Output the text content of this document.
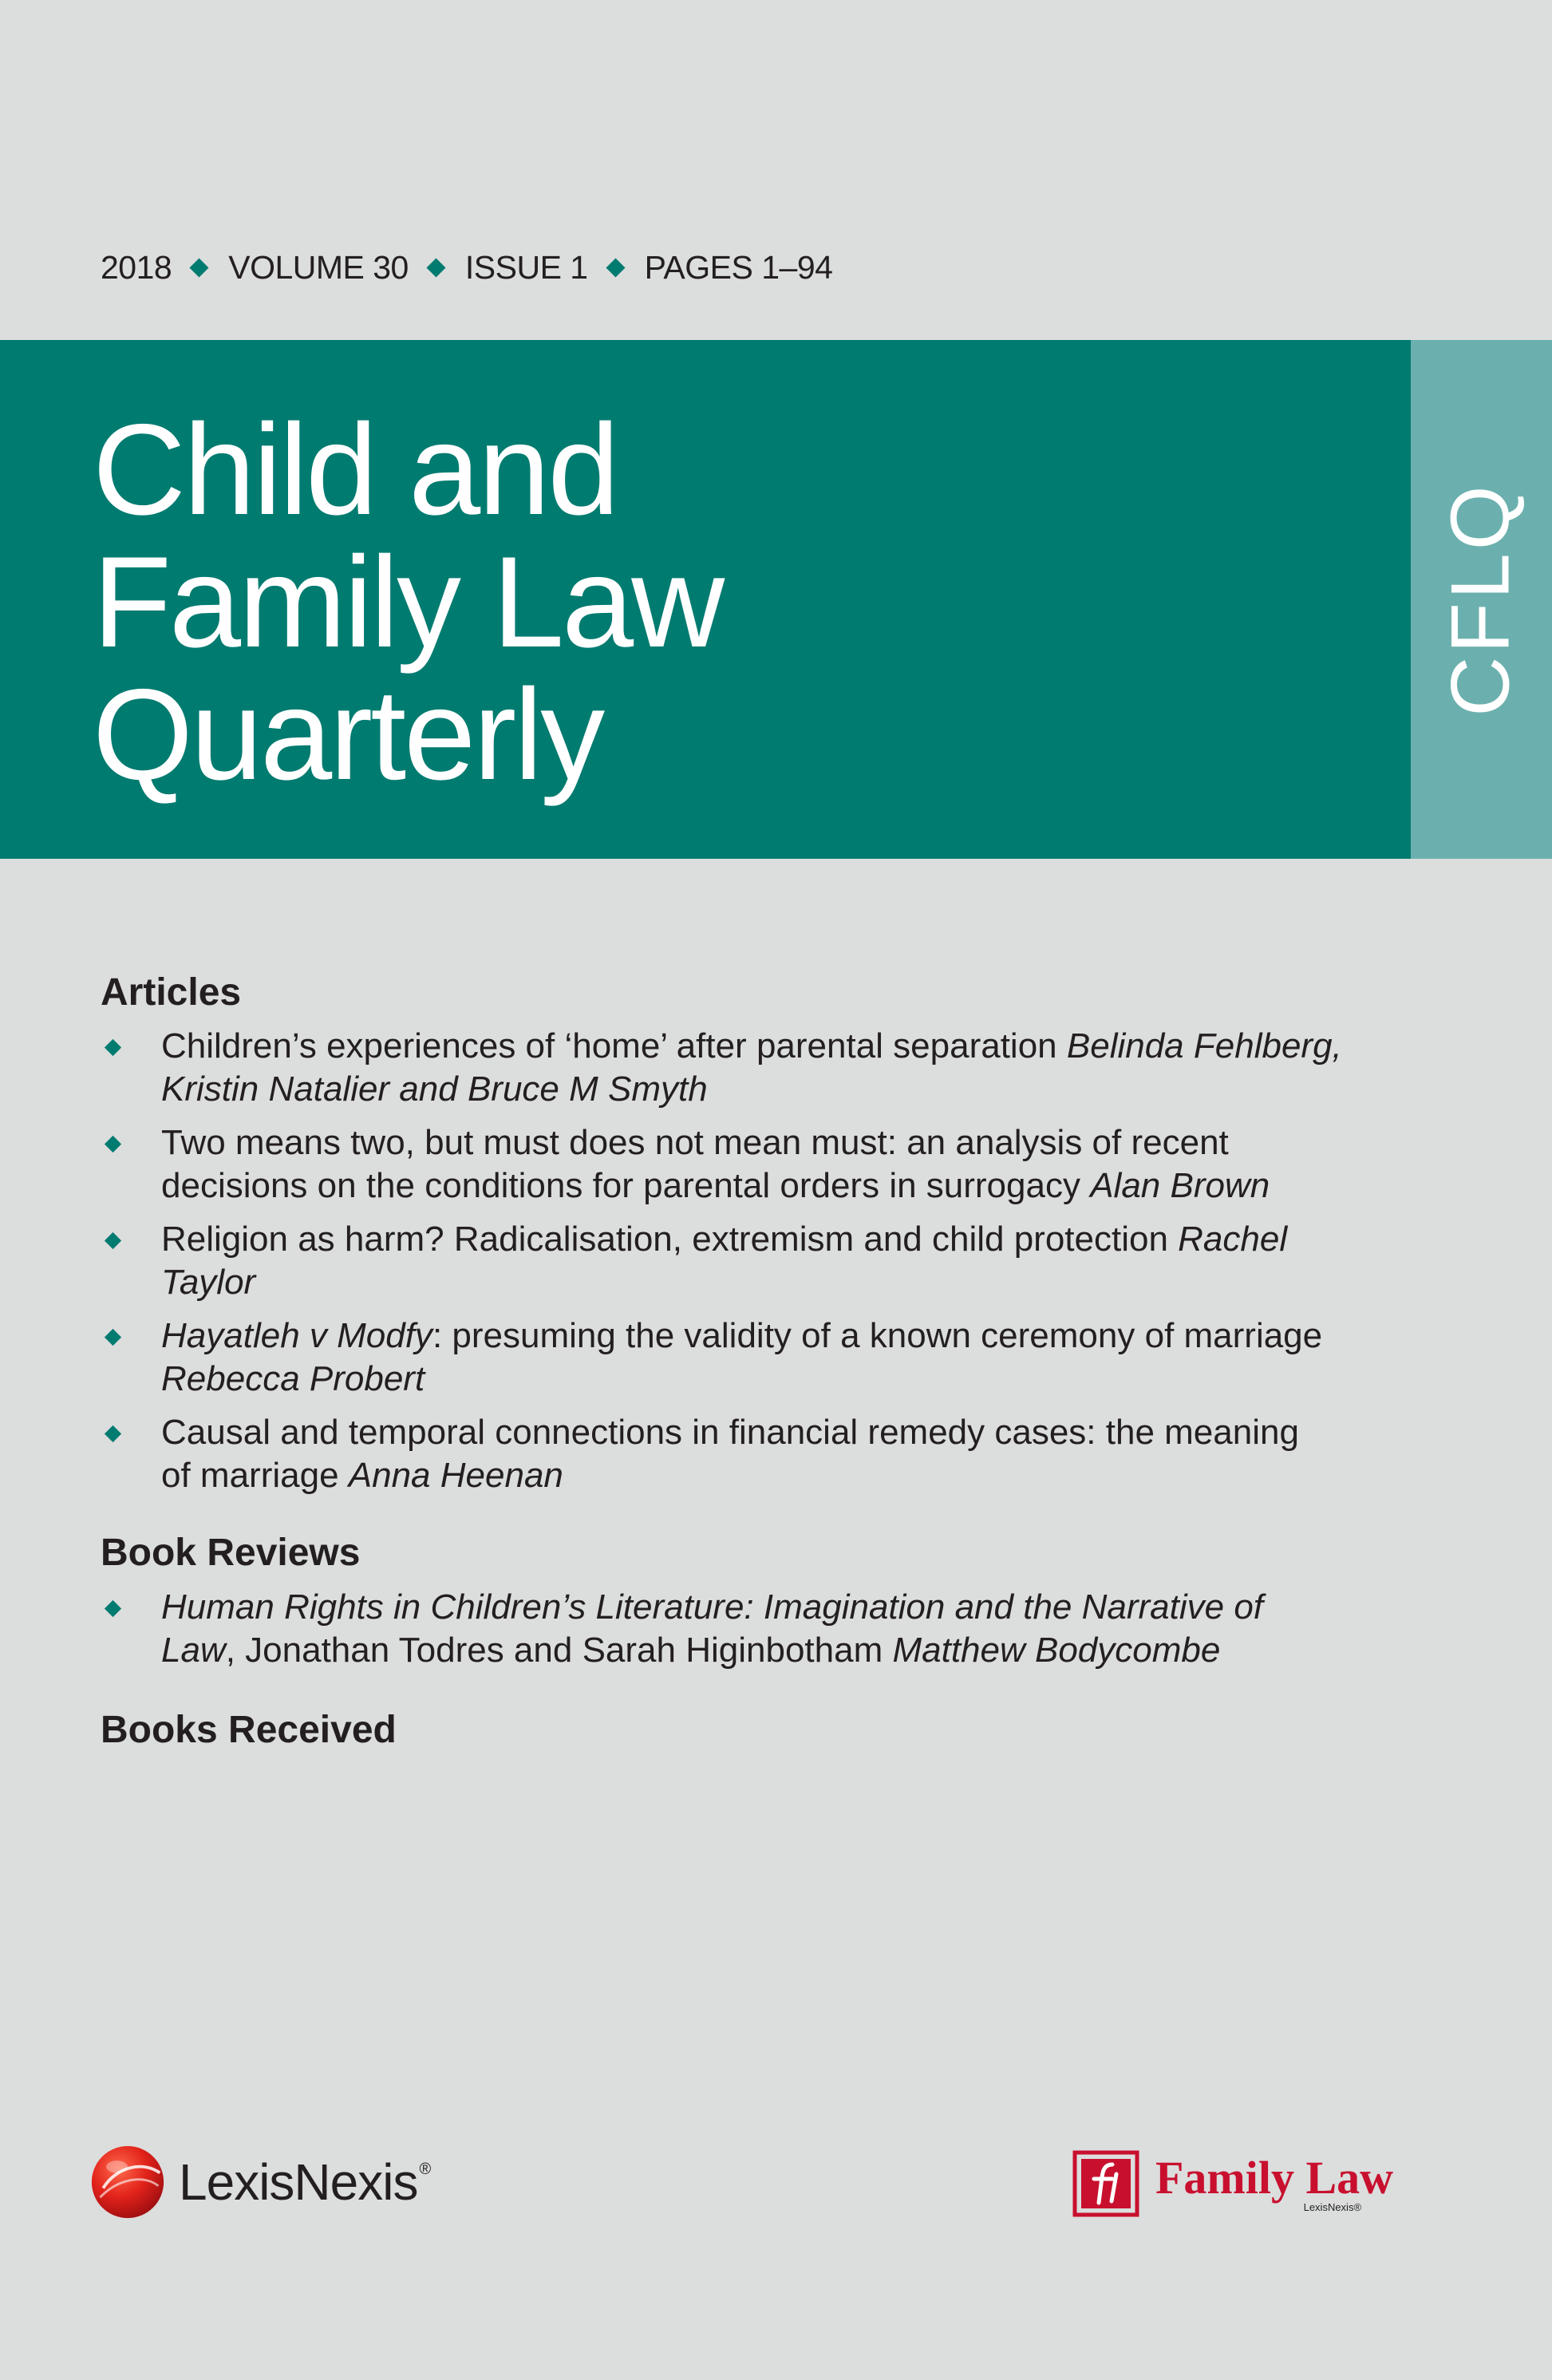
2018 VOLUME 30 ISSUE 1 PAGES 1–94
Child and
Family Law
Quarterly
CFLQ
Articles
Children’s experiences of ‘home’ after parental separation Belinda Fehlberg,
Kristin Natalier and Bruce M Smyth
Two means two, but must does not mean must: an analysis of recent
decisions on the conditions for parental orders in surrogacy Alan Brown
Religion as harm? Radicalisation, extremism and child protection Rachel
Taylor
Hayatleh v Modfy: presuming the validity of a known ceremony of marriage
Rebecca Probert
Causal and temporal connections in financial remedy cases: the meaning
of marriage Anna Heenan
Book Reviews
Human Rights in Children’s Literature: Imagination and the Narrative of
Law, Jonathan Todres and Sarah Higinbotham Matthew Bodycombe
Books Received
LexisNexis ®	Family Law
LexisNexis®
